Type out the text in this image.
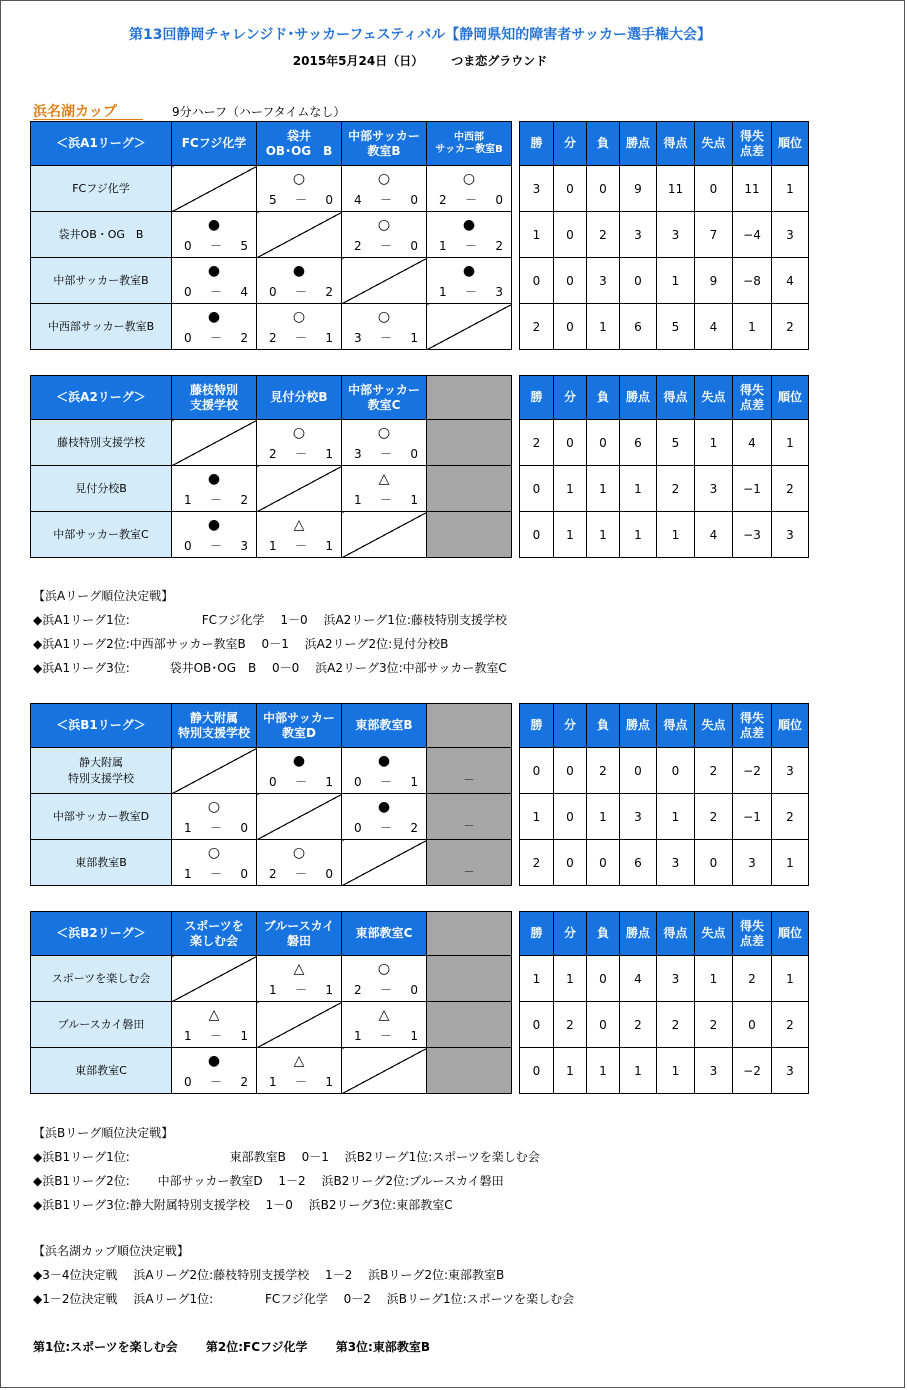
第13回静岡チャレンジド･サッカーフェスティバル【静岡県知的障害者サッカー選手権大会】
2015年5月24日（日） つま恋グラウンド
浜名湖カップ	9分ハーフ（ハーフタイムなし）
＜浜A1リーグ＞	FCフジ化学	袋井
OB･OG　B	中部サッカー
教室B	中西部
サッカー教室B		勝	分	負	勝点	得点	失点	得失
点差	順位
FCフジ化学		○
5 － 0	○
4 － 0	○
2 － 0		3	0	0	9	11	0	11	1
袋井OB・OG　B	●
0 － 5		○
2 － 0	●
1 － 2		1	0	2	3	3	7	−4	3
中部サッカー教室B	●
0 － 4	●
0 － 2		●
1 － 3		0	0	3	0	1	9	−8	4
中西部サッカー教室B	●
0 － 2	○
2 － 1	○
3 － 1			2	0	1	6	5	4	1	2
＜浜A2リーグ＞	藤枝特別
支援学校	見付分校B	中部サッカー
教室C			勝	分	負	勝点	得点	失点	得失
点差	順位
藤枝特別支援学校		○
2 － 1	○
3 － 0			2	0	0	6	5	1	4	1
見付分校B	●
1 － 2		△
1 － 1			0	1	1	1	2	3	−1	2
中部サッカー教室C	●
0 － 3	△
1 － 1				0	1	1	1	1	4	−3	3
＜浜B1リーグ＞	静大附属
特別支援学校	中部サッカー
教室D	東部教室B			勝	分	負	勝点	得点	失点	得失
点差	順位
静大附属
特別支援学校		●
0 － 1	●
0 － 1	－		0	0	2	0	0	2	−2	3
中部サッカー教室D	○
1 － 0		●
0 － 2	－		1	0	1	3	1	2	−1	2
東部教室B	○
1 － 0	○
2 － 0		－		2	0	0	6	3	0	3	1
＜浜B2リーグ＞	スポーツを
楽しむ会	ブルースカイ
磐田	東部教室C			勝	分	負	勝点	得点	失点	得失
点差	順位
スポーツを楽しむ会		△
1 － 1	○
2 － 0			1	1	0	4	3	1	2	1
ブルースカイ磐田	△
1 － 1		△
1 － 1			0	2	0	2	2	2	0	2
東部教室C	●
0 － 2	△
1 － 1				0	1	1	1	1	3	−2	3
【浜Aリーグ順位決定戦】
◆浜A1リーグ1位:　　　　　　FCフジ化学　 1－0　 浜A2リーグ1位:藤枝特別支援学校
◆浜A1リーグ2位:中西部サッカー教室B　 0－1　 浜A2リーグ2位:見付分校B
◆浜A1リーグ3位:　　　 袋井OB･OG　B　 0－0　 浜A2リーグ3位:中部サッカー教室C
【浜Bリーグ順位決定戦】
◆浜B1リーグ1位:　　　　　　　　 東部教室B　 0－1　 浜B2リーグ1位:スポーツを楽しむ会
◆浜B1リーグ2位:　　 中部サッカー教室D　 1－2　 浜B2リーグ2位:ブルースカイ磐田
◆浜B1リーグ3位:静大附属特別支援学校　 1－0　 浜B2リーグ3位:東部教室C
【浜名湖カップ順位決定戦】
◆3－4位決定戦　 浜Aリーグ2位:藤枝特別支援学校　 1－2　 浜Bリーグ2位:東部教室B
◆1－2位決定戦　 浜Aリーグ1位:　　　　 FCフジ化学　 0－2　 浜Bリーグ1位:スポーツを楽しむ会
第1位:スポーツを楽しむ会　　 第2位:FCフジ化学　　 第3位:東部教室B
